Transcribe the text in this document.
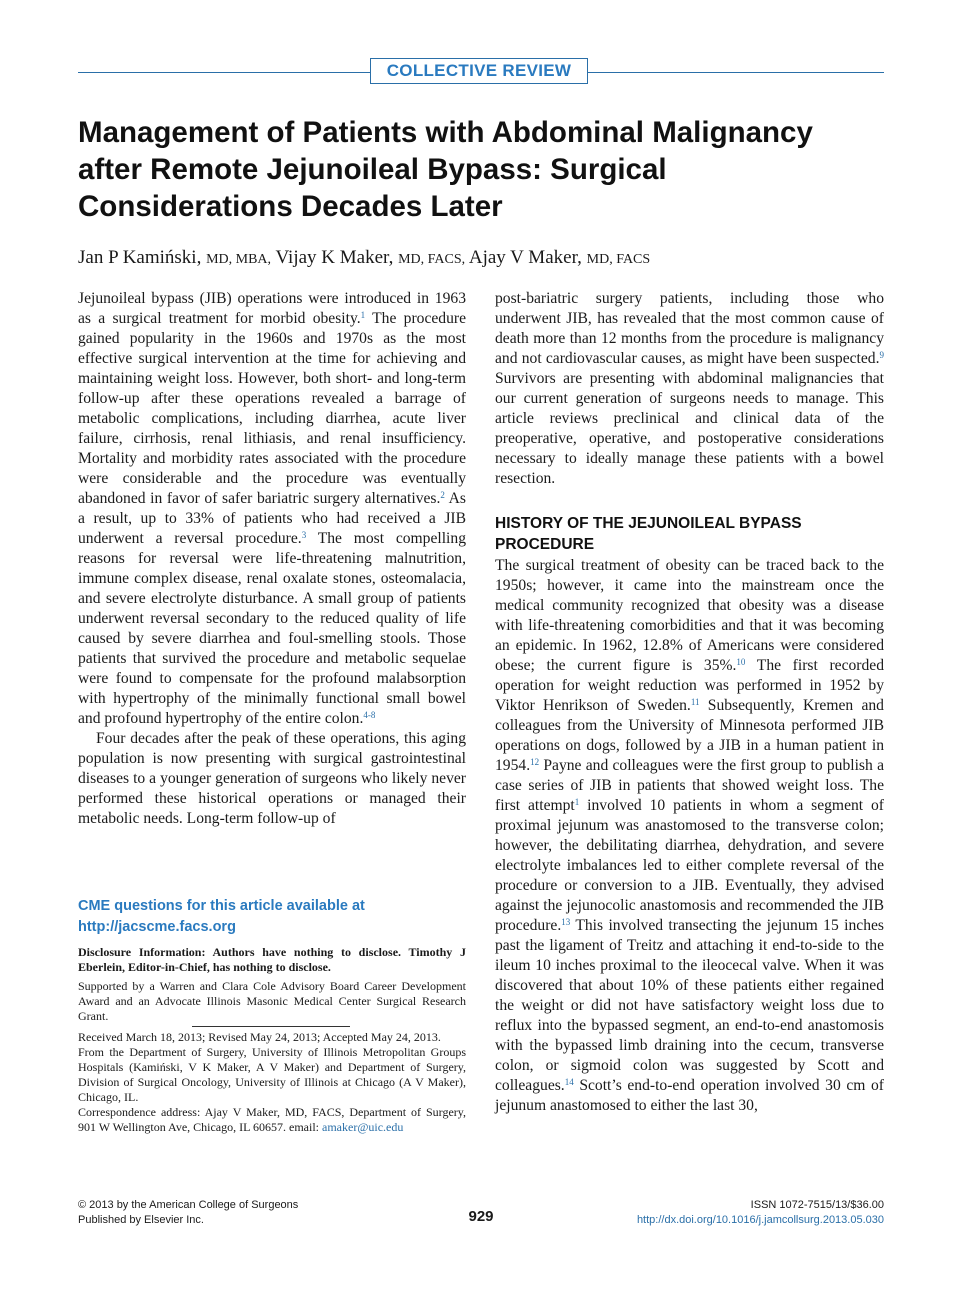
COLLECTIVE REVIEW
Management of Patients with Abdominal Malignancy after Remote Jejunoileal Bypass: Surgical Considerations Decades Later
Jan P Kamiński, MD, MBA, Vijay K Maker, MD, FACS, Ajay V Maker, MD, FACS

Jejunoileal bypass (JIB) operations were introduced in 1963 as a surgical treatment for morbid obesity.$^1$ The procedure gained popularity in the 1960s and 1970s as the most effective surgical intervention at the time for achieving and maintaining weight loss. However, both short- and long-term follow-up after these operations revealed a barrage of metabolic complications, including diarrhea, acute liver failure, cirrhosis, renal lithiasis, and renal insufficiency. Mortality and morbidity rates associated with the procedure were considerable and the procedure was eventually abandoned in favor of safer bariatric surgery alternatives.$^2$ As a result, up to 33% of patients who had received a JIB underwent a reversal procedure.$^3$ The most compelling reasons for reversal were life-threatening malnutrition, immune complex disease, renal oxalate stones, osteomalacia, and severe electrolyte disturbance. A small group of patients underwent reversal secondary to the reduced quality of life caused by severe diarrhea and foul-smelling stools. Those patients that survived the procedure and metabolic sequelae were found to compensate for the profound malabsorption with hypertrophy of the minimally functional small bowel and profound hypertrophy of the entire colon.$^{4-8}$

Four decades after the peak of these operations, this aging population is now presenting with surgical gastrointestinal diseases to a younger generation of surgeons who likely never performed these historical operations or managed their metabolic needs. Long-term follow-up of

CME questions for this article available at
http://jacscme.facs.org

Disclosure Information: Authors have nothing to disclose. Timothy J Eberlein, Editor-in-Chief, has nothing to disclose.

Supported by a Warren and Clara Cole Advisory Board Career Development Award and an Advocate Illinois Masonic Medical Center Surgical Research Grant.

Received March 18, 2013; Revised May 24, 2013; Accepted May 24, 2013.

From the Department of Surgery, University of Illinois Metropolitan Groups Hospitals (Kamiński, V K Maker, A V Maker) and Department of Surgery, Division of Surgical Oncology, University of Illinois at Chicago (A V Maker), Chicago, IL.

Correspondence address: Ajay V Maker, MD, FACS, Department of Surgery, 901 W Wellington Ave, Chicago, IL 60657. email: amaker@uic.edu

post-bariatric surgery patients, including those who underwent JIB, has revealed that the most common cause of death more than 12 months from the procedure is malignancy and not cardiovascular causes, as might have been suspected.$^9$ Survivors are presenting with abdominal malignancies that our current generation of surgeons needs to manage. This article reviews preclinical and clinical data of the preoperative, operative, and postoperative considerations necessary to ideally manage these patients with a bowel resection.

HISTORY OF THE JEJUNOILEAL BYPASS PROCEDURE

The surgical treatment of obesity can be traced back to the 1950s; however, it came into the mainstream once the medical community recognized that obesity was a disease with life-threatening comorbidities and that it was becoming an epidemic. In 1962, 12.8% of Americans were considered obese; the current figure is 35%.$^{10}$ The first recorded operation for weight reduction was performed in 1952 by Viktor Henrikson of Sweden.$^{11}$ Subsequently, Kremen and colleagues from the University of Minnesota performed JIB operations on dogs, followed by a JIB in a human patient in 1954.12 Payne and colleagues were the first group to publish a case series of JIB in patients that showed weight loss. The first attempt$^1$ involved 10 patients in whom a segment of proximal jejunum was anastomosed to the transverse colon; however, the debilitating diarrhea, dehydration, and severe electrolyte imbalances led to either complete reversal of the procedure or conversion to a JIB. Eventually, they advised against the jejunocolic anastomosis and recommended the JIB procedure.$^{13}$ This involved transecting the jejunum 15 inches past the ligament of Treitz and attaching it end-to-side to the ileum 10 inches proximal to the ileocecal valve. When it was discovered that about 10% of these patients either regained the weight or did not have satisfactory weight loss due to reflux into the bypassed segment, an end-to-end anastomosis with the bypassed limb draining into the cecum, transverse colon, or sigmoid colon was suggested by Scott and colleagues.$^{14}$ Scott’s end-to-end operation involved 30 cm of jejunum anastomosed to either the last 30,

© 2013 by the American College of Surgeons
Published by Elsevier Inc.	929
ISSN 1072-7515/13/$36.00
http://dx.doi.org/10.1016/j.jamcollsurg.2013.05.030
